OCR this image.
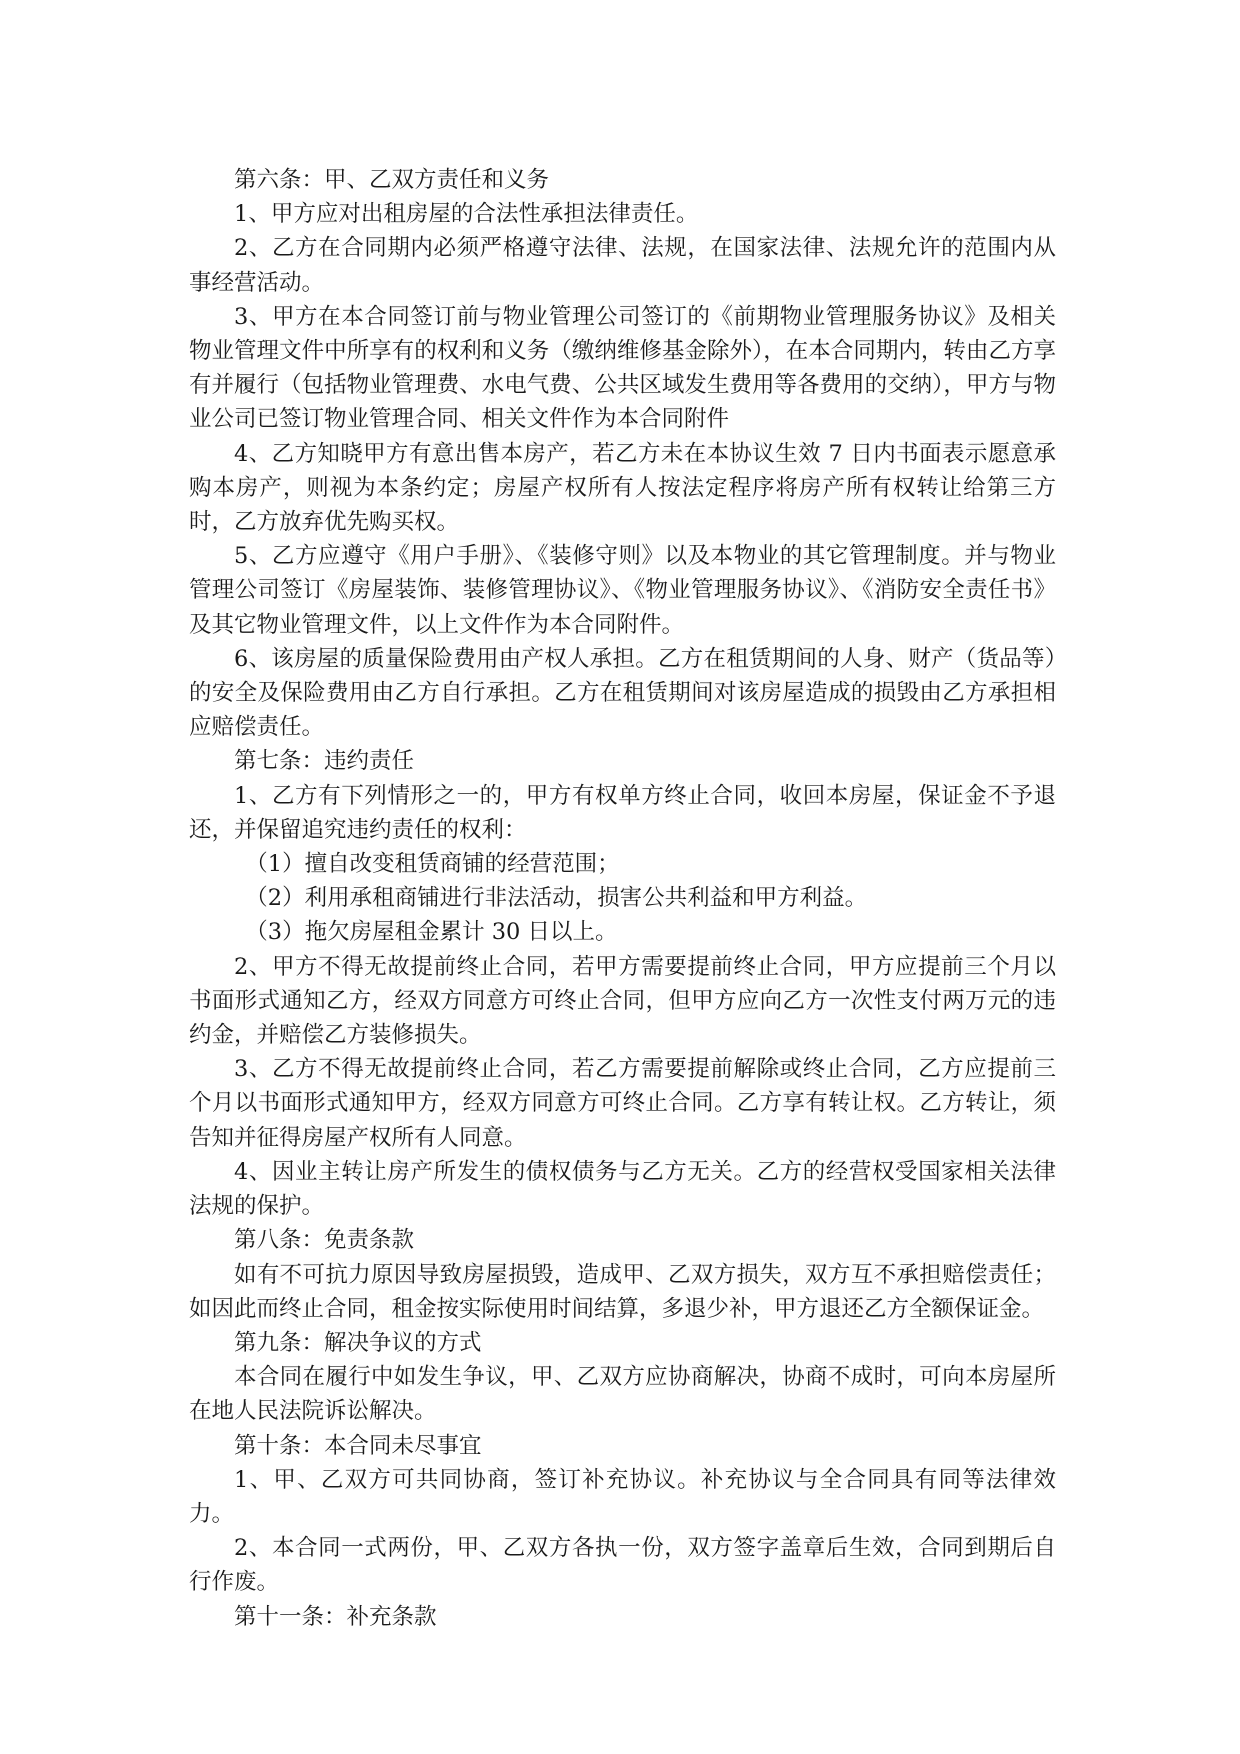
第六条：甲、乙双方责任和义务

1、甲方应对出租房屋的合法性承担法律责任。

2、乙方在合同期内必须严格遵守法律、法规，在国家法律、法规允许的范围内从事经营活动。

3、甲方在本合同签订前与物业管理公司签订的《前期物业管理服务协议》及相关物业管理文件中所享有的权利和义务（缴纳维修基金除外），在本合同期内，转由乙方享有并履行（包括物业管理费、水电气费、公共区域发生费用等各费用的交纳），甲方与物业公司已签订物业管理合同、相关文件作为本合同附件

4、乙方知晓甲方有意出售本房产，若乙方未在本协议生效 7 日内书面表示愿意承购本房产，则视为本条约定；房屋产权所有人按法定程序将房产所有权转让给第三方时，乙方放弃优先购买权。

5、乙方应遵守《用户手册》、《装修守则》以及本物业的其它管理制度。并与物业管理公司签订《房屋装饰、装修管理协议》、《物业管理服务协议》、《消防安全责任书》及其它物业管理文件，以上文件作为本合同附件。

6、该房屋的质量保险费用由产权人承担。乙方在租赁期间的人身、财产（货品等）的安全及保险费用由乙方自行承担。乙方在租赁期间对该房屋造成的损毁由乙方承担相应赔偿责任。

第七条：违约责任

1、乙方有下列情形之一的，甲方有权单方终止合同，收回本房屋，保证金不予退还，并保留追究违约责任的权利：

（1）擅自改变租赁商铺的经营范围；

（2）利用承租商铺进行非法活动，损害公共利益和甲方利益。

（3）拖欠房屋租金累计 30 日以上。

2、甲方不得无故提前终止合同，若甲方需要提前终止合同，甲方应提前三个月以书面形式通知乙方，经双方同意方可终止合同，但甲方应向乙方一次性支付两万元的违约金，并赔偿乙方装修损失。

3、乙方不得无故提前终止合同，若乙方需要提前解除或终止合同，乙方应提前三个月以书面形式通知甲方，经双方同意方可终止合同。乙方享有转让权。乙方转让，须告知并征得房屋产权所有人同意。

4、因业主转让房产所发生的债权债务与乙方无关。乙方的经营权受国家相关法律法规的保护。

第八条：免责条款

如有不可抗力原因导致房屋损毁，造成甲、乙双方损失，双方互不承担赔偿责任；如因此而终止合同，租金按实际使用时间结算，多退少补，甲方退还乙方全额保证金。

第九条：解决争议的方式

本合同在履行中如发生争议，甲、乙双方应协商解决，协商不成时，可向本房屋所在地人民法院诉讼解决。

第十条：本合同未尽事宜

1、甲、乙双方可共同协商，签订补充协议。补充协议与全合同具有同等法律效力。

2、本合同一式两份，甲、乙双方各执一份，双方签字盖章后生效，合同到期后自行作废。

第十一条：补充条款
